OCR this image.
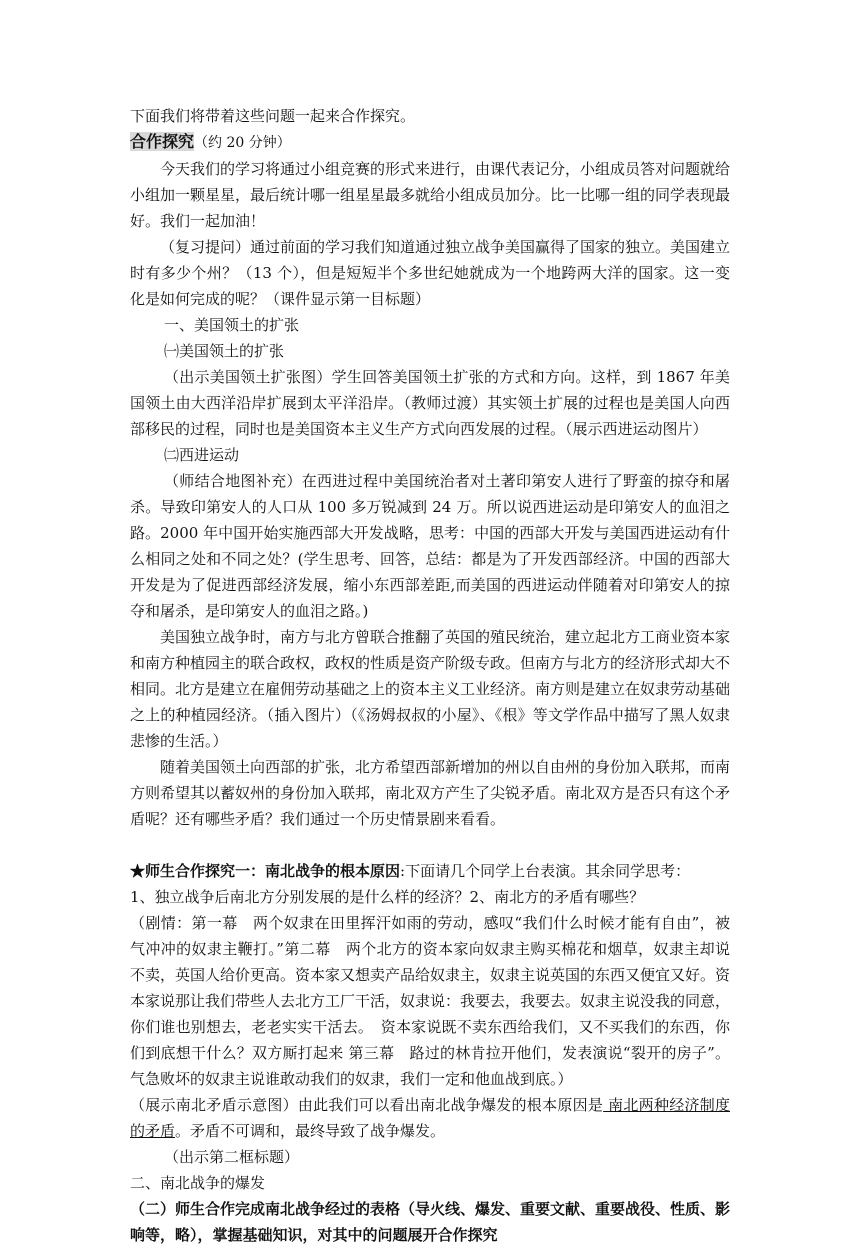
下面我们将带着这些问题一起来合作探究。

合作探究（约 20 分钟）

今天我们的学习将通过小组竞赛的形式来进行，由课代表记分，小组成员答对问题就给小组加一颗星星，最后统计哪一组星星最多就给小组成员加分。比一比哪一组的同学表现最好。我们一起加油！

（复习提问）通过前面的学习我们知道通过独立战争美国赢得了国家的独立。美国建立时有多少个州？（13 个），但是短短半个多世纪她就成为一个地跨两大洋的国家。这一变化是如何完成的呢？（课件显示第一目标题）

一、美国领土的扩张

㈠美国领土的扩张

（出示美国领土扩张图）学生回答美国领土扩张的方式和方向。这样，到 1867 年美国领土由大西洋沿岸扩展到太平洋沿岸。（教师过渡）其实领土扩展的过程也是美国人向西部移民的过程，同时也是美国资本主义生产方式向西发展的过程。（展示西进运动图片）

㈡西进运动

（师结合地图补充）在西进过程中美国统治者对土著印第安人进行了野蛮的掠夺和屠杀。导致印第安人的人口从 100 多万锐减到 24 万。所以说西进运动是印第安人的血泪之路。2000 年中国开始实施西部大开发战略，思考：中国的西部大开发与美国西进运动有什么相同之处和不同之处？(学生思考、回答，总结：都是为了开发西部经济。中国的西部大开发是为了促进西部经济发展，缩小东西部差距,而美国的西进运动伴随着对印第安人的掠夺和屠杀，是印第安人的血泪之路。)

美国独立战争时，南方与北方曾联合推翻了英国的殖民统治，建立起北方工商业资本家和南方种植园主的联合政权，政权的性质是资产阶级专政。但南方与北方的经济形式却大不相同。北方是建立在雇佣劳动基础之上的资本主义工业经济。南方则是建立在奴隶劳动基础之上的种植园经济。（插入图片）（《汤姆叔叔的小屋》、《根》等文学作品中描写了黑人奴隶悲惨的生活。）

随着美国领土向西部的扩张，北方希望西部新增加的州以自由州的身份加入联邦，而南方则希望其以蓄奴州的身份加入联邦，南北双方产生了尖锐矛盾。南北双方是否只有这个矛盾呢？还有哪些矛盾？我们通过一个历史情景剧来看看。

★师生合作探究一：南北战争的根本原因:下面请几个同学上台表演。其余同学思考：

1、独立战争后南北方分别发展的是什么样的经济？2、南北方的矛盾有哪些？

（剧情：第一幕　两个奴隶在田里挥汗如雨的劳动，感叹“我们什么时候才能有自由”，被气冲冲的奴隶主鞭打。”第二幕　两个北方的资本家向奴隶主购买棉花和烟草，奴隶主却说不卖，英国人给价更高。资本家又想卖产品给奴隶主，奴隶主说英国的东西又便宜又好。资本家说那让我们带些人去北方工厂干活，奴隶说：我要去，我要去。奴隶主说没我的同意，你们谁也别想去，老老实实干活去。　资本家说既不卖东西给我们，又不买我们的东西，你们到底想干什么？双方厮打起来 第三幕　路过的林肯拉开他们，发表演说“裂开的房子”。气急败坏的奴隶主说谁敢动我们的奴隶，我们一定和他血战到底。）

（展示南北矛盾示意图）由此我们可以看出南北战争爆发的根本原因是 南北两种经济制度的矛盾。矛盾不可调和，最终导致了战争爆发。

（出示第二框标题）

二、南北战争的爆发

（二）师生合作完成南北战争经过的表格（导火线、爆发、重要文献、重要战役、性质、影响等，略），掌握基础知识，对其中的问题展开合作探究
